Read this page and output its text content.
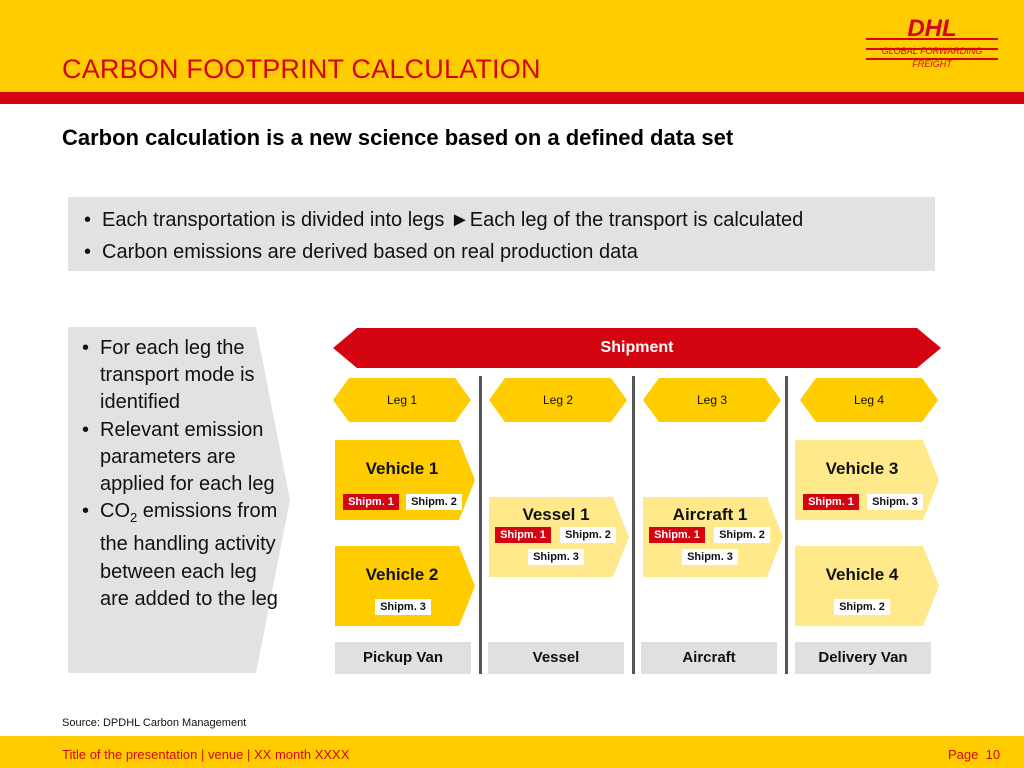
CARBON FOOTPRINT CALCULATION
DHL
GLOBAL FORWARDING
FREIGHT
Carbon calculation is a new science based on a defined data set
• Each transportation is divided into legs ►Each leg of the transport is calculated
• Carbon emissions are derived based on real production data
• For each leg the transport mode is identified
• Relevant emission parameters are applied for each leg
• $CO_2$ emissions from the handling activity between each leg are added to the leg
Shipment
Leg 1	Leg 2	Leg 3	Leg 4
Vehicle 1
Shipm. 1	Shipm. 2
Vehicle 2
Shipm. 3
Vessel 1
Shipm. 1	Shipm. 2
Shipm. 3
Aircraft 1
Shipm. 1	Shipm. 2
Shipm. 3
Vehicle 3
Shipm. 1	Shipm. 3
Vehicle 4
Shipm. 2
Pickup Van	Vessel	Aircraft	Delivery Van
Source: DPDHL Carbon Management
Title of the presentation | venue | XX month XXXX	Page 10
